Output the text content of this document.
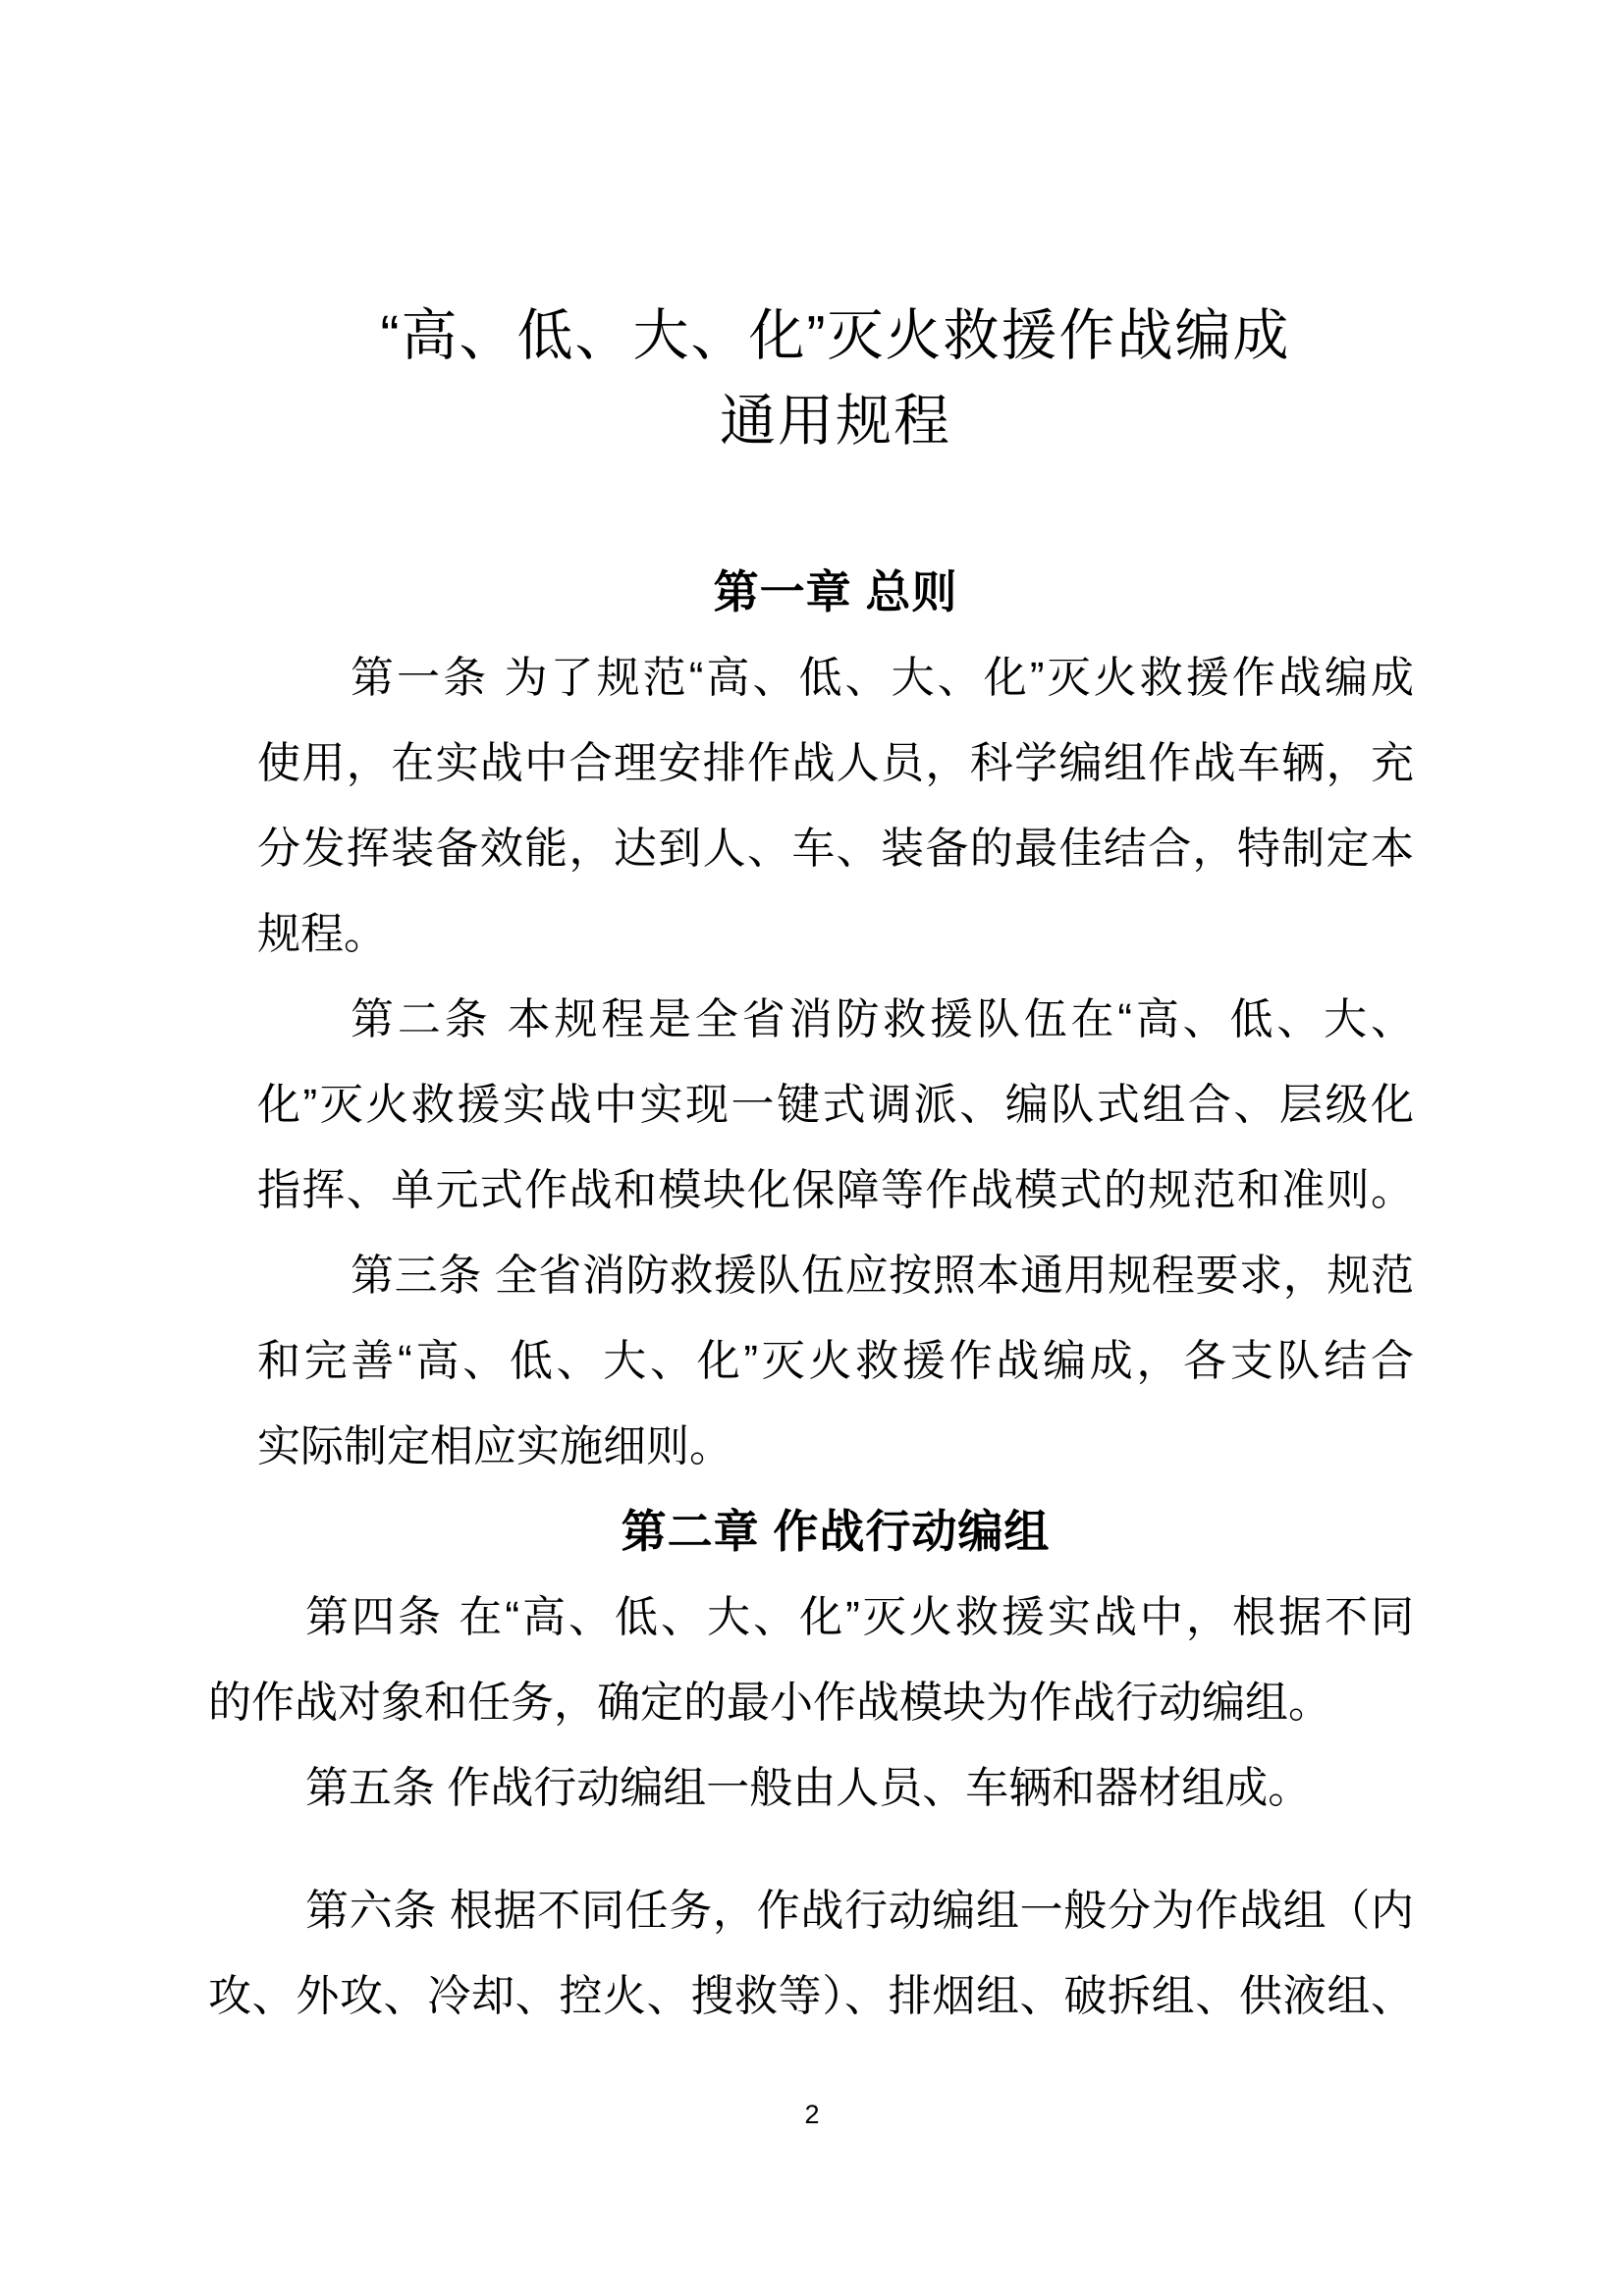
“高、低、大、化”灭火救援作战编成
通用规程
第一章 总则

第一条 为了规范“高、低、大、化”灭火救援作战编成

使用，在实战中合理安排作战人员，科学编组作战车辆，充

分发挥装备效能，达到人、车、装备的最佳结合，特制定本

规程。

第二条 本规程是全省消防救援队伍在“高、低、大、

化”灭火救援实战中实现一键式调派、编队式组合、层级化

指挥、单元式作战和模块化保障等作战模式的规范和准则。

第三条 全省消防救援队伍应按照本通用规程要求，规范

和完善“高、低、大、化”灭火救援作战编成，各支队结合

实际制定相应实施细则。

第二章 作战行动编组

第四条 在“高、低、大、化”灭火救援实战中，根据不同

的作战对象和任务，确定的最小作战模块为作战行动编组。

第五条 作战行动编组一般由人员、车辆和器材组成。

第六条 根据不同任务，作战行动编组一般分为作战组（内

攻、外攻、冷却、控火、搜救等）、排烟组、破拆组、供液组、

2
